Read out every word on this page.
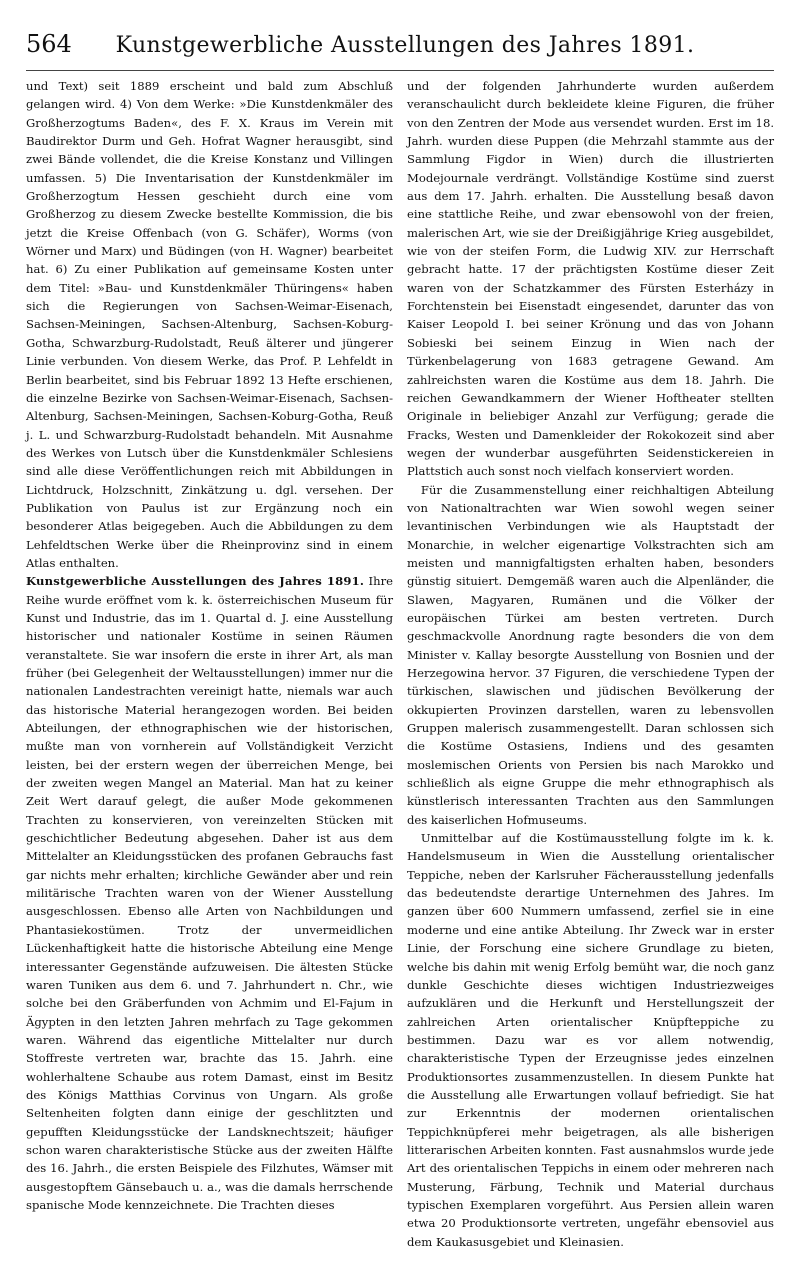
564	Kunstgewerbliche Ausstellungen des Jahres 1891.

und Text) seit 1889 erscheint und bald zum Abschluß gelangen wird. 4) Von dem Werke: »Die Kunstdenkmäler des Großherzogtums Baden«, des F. X. Kraus im Verein mit Baudirektor Durm und Geh. Hofrat Wagner herausgibt, sind zwei Bände vollendet, die die Kreise Konstanz und Villingen umfassen. 5) Die Inventarisation der Kunstdenkmäler im Großherzogtum Hessen geschieht durch eine vom Großherzog zu diesem Zwecke bestellte Kommission, die bis jetzt die Kreise Offenbach (von G. Schäfer), Worms (von Wörner und Marx) und Büdingen (von H. Wagner) bearbeitet hat. 6) Zu einer Publikation auf gemeinsame Kosten unter dem Titel: »Bau- und Kunstdenkmäler Thüringens« haben sich die Regierungen von Sachsen-Weimar-Eisenach, Sachsen-Meiningen, Sachsen-Altenburg, Sachsen-Koburg-Gotha, Schwarzburg-Rudolstadt, Reuß älterer und jüngerer Linie verbunden. Von diesem Werke, das Prof. P. Lehfeldt in Berlin bearbeitet, sind bis Februar 1892 13 Hefte erschienen, die einzelne Bezirke von Sachsen-Weimar-Eisenach, Sachsen-Altenburg, Sachsen-Meiningen, Sachsen-Koburg-Gotha, Reuß j. L. und Schwarzburg-Rudolstadt behandeln. Mit Ausnahme des Werkes von Lutsch über die Kunstdenkmäler Schlesiens sind alle diese Veröffentlichungen reich mit Abbildungen in Lichtdruck, Holzschnitt, Zinkätzung u. dgl. versehen. Der Publikation von Paulus ist zur Ergänzung noch ein besonderer Atlas beigegeben. Auch die Abbildungen zu dem Lehfeldtschen Werke über die Rheinprovinz sind in einem Atlas enthalten.

Kunstgewerbliche Ausstellungen des Jahres 1891. Ihre Reihe wurde eröffnet vom k. k. österreichischen Museum für Kunst und Industrie, das im 1. Quartal d. J. eine Ausstellung historischer und nationaler Kostüme in seinen Räumen veranstaltete. Sie war insofern die erste in ihrer Art, als man früher (bei Gelegenheit der Weltausstellungen) immer nur die nationalen Landestrachten vereinigt hatte, niemals war auch das historische Material herangezogen worden. Bei beiden Abteilungen, der ethnographischen wie der historischen, mußte man von vornherein auf Vollständigkeit Verzicht leisten, bei der erstern wegen der überreichen Menge, bei der zweiten wegen Mangel an Material. Man hat zu keiner Zeit Wert darauf gelegt, die außer Mode gekommenen Trachten zu konservieren, von vereinzelten Stücken mit geschichtlicher Bedeutung abgesehen. Daher ist aus dem Mittelalter an Kleidungsstücken des profanen Gebrauchs fast gar nichts mehr erhalten; kirchliche Gewänder aber und rein militärische Trachten waren von der Wiener Ausstellung ausgeschlossen. Ebenso alle Arten von Nachbildungen und Phantasiekostümen. Trotz der unvermeidlichen Lückenhaftigkeit hatte die historische Abteilung eine Menge interessanter Gegenstände aufzuweisen. Die ältesten Stücke waren Tuniken aus dem 6. und 7. Jahrhundert n. Chr., wie solche bei den Gräberfunden von Achmim und El-Fajum in Ägypten in den letzten Jahren mehrfach zu Tage gekommen waren. Während das eigentliche Mittelalter nur durch Stoffreste vertreten war, brachte das 15. Jahrh. eine wohlerhaltene Schaube aus rotem Damast, einst im Besitz des Königs Matthias Corvinus von Ungarn. Als große Seltenheiten folgten dann einige der geschlitzten und gepufften Kleidungsstücke der Landsknechtszeit; häufiger schon waren charakteristische Stücke aus der zweiten Hälfte des 16. Jahrh., die ersten Beispiele des Filzhutes, Wämser mit ausgestopftem Gänsebauch u. a., was die damals herrschende spanische Mode kennzeichnete. Die Trachten dieses

und der folgenden Jahrhunderte wurden außerdem veranschaulicht durch bekleidete kleine Figuren, die früher von den Zentren der Mode aus versendet wurden. Erst im 18. Jahrh. wurden diese Puppen (die Mehrzahl stammte aus der Sammlung Figdor in Wien) durch die illustrierten Modejournale verdrängt. Vollständige Kostüme sind zuerst aus dem 17. Jahrh. erhalten. Die Ausstellung besaß davon eine stattliche Reihe, und zwar ebensowohl von der freien, malerischen Art, wie sie der Dreißigjährige Krieg ausgebildet, wie von der steifen Form, die Ludwig XIV. zur Herrschaft gebracht hatte. 17 der prächtigsten Kostüme dieser Zeit waren von der Schatzkammer des Fürsten Esterházy in Forchtenstein bei Eisenstadt eingesendet, darunter das von Kaiser Leopold I. bei seiner Krönung und das von Johann Sobieski bei seinem Einzug in Wien nach der Türkenbelagerung von 1683 getragene Gewand. Am zahlreichsten waren die Kostüme aus dem 18. Jahrh. Die reichen Gewandkammern der Wiener Hoftheater stellten Originale in beliebiger Anzahl zur Verfügung; gerade die Fracks, Westen und Damenkleider der Rokokozeit sind aber wegen der wunderbar ausgeführten Seidenstickereien in Plattstich auch sonst noch vielfach konserviert worden.

Für die Zusammenstellung einer reichhaltigen Abteilung von Nationaltrachten war Wien sowohl wegen seiner levantinischen Verbindungen wie als Hauptstadt der Monarchie, in welcher eigenartige Volkstrachten sich am meisten und mannigfaltigsten erhalten haben, besonders günstig situiert. Demgemäß waren auch die Alpenländer, die Slawen, Magyaren, Rumänen und die Völker der europäischen Türkei am besten vertreten. Durch geschmackvolle Anordnung ragte besonders die von dem Minister v. Kallay besorgte Ausstellung von Bosnien und der Herzegowina hervor. 37 Figuren, die verschiedene Typen der türkischen, slawischen und jüdischen Bevölkerung der okkupierten Provinzen darstellen, waren zu lebensvollen Gruppen malerisch zusammengestellt. Daran schlossen sich die Kostüme Ostasiens, Indiens und des gesamten moslemischen Orients von Persien bis nach Marokko und schließlich als eigne Gruppe die mehr ethnographisch als künstlerisch interessanten Trachten aus den Sammlungen des kaiserlichen Hofmuseums.

Unmittelbar auf die Kostümausstellung folgte im k. k. Handelsmuseum in Wien die Ausstellung orientalischer Teppiche, neben der Karlsruher Fächerausstellung jedenfalls das bedeutendste derartige Unternehmen des Jahres. Im ganzen über 600 Nummern umfassend, zerfiel sie in eine moderne und eine antike Abteilung. Ihr Zweck war in erster Linie, der Forschung eine sichere Grundlage zu bieten, welche bis dahin mit wenig Erfolg bemüht war, die noch ganz dunkle Geschichte dieses wichtigen Industriezweiges aufzuklären und die Herkunft und Herstellungszeit der zahlreichen Arten orientalischer Knüpfteppiche zu bestimmen. Dazu war es vor allem notwendig, charakteristische Typen der Erzeugnisse jedes einzelnen Produktionsortes zusammenzustellen. In diesem Punkte hat die Ausstellung alle Erwartungen vollauf befriedigt. Sie hat zur Erkenntnis der modernen orientalischen Teppichknüpferei mehr beigetragen, als alle bisherigen litterarischen Arbeiten konnten. Fast ausnahmslos wurde jede Art des orientalischen Teppichs in einem oder mehreren nach Musterung, Färbung, Technik und Material durchaus typischen Exemplaren vorgeführt. Aus Persien allein waren etwa 20 Produktionsorte vertreten, ungefähr ebensoviel aus dem Kaukasusgebiet und Kleinasien.
